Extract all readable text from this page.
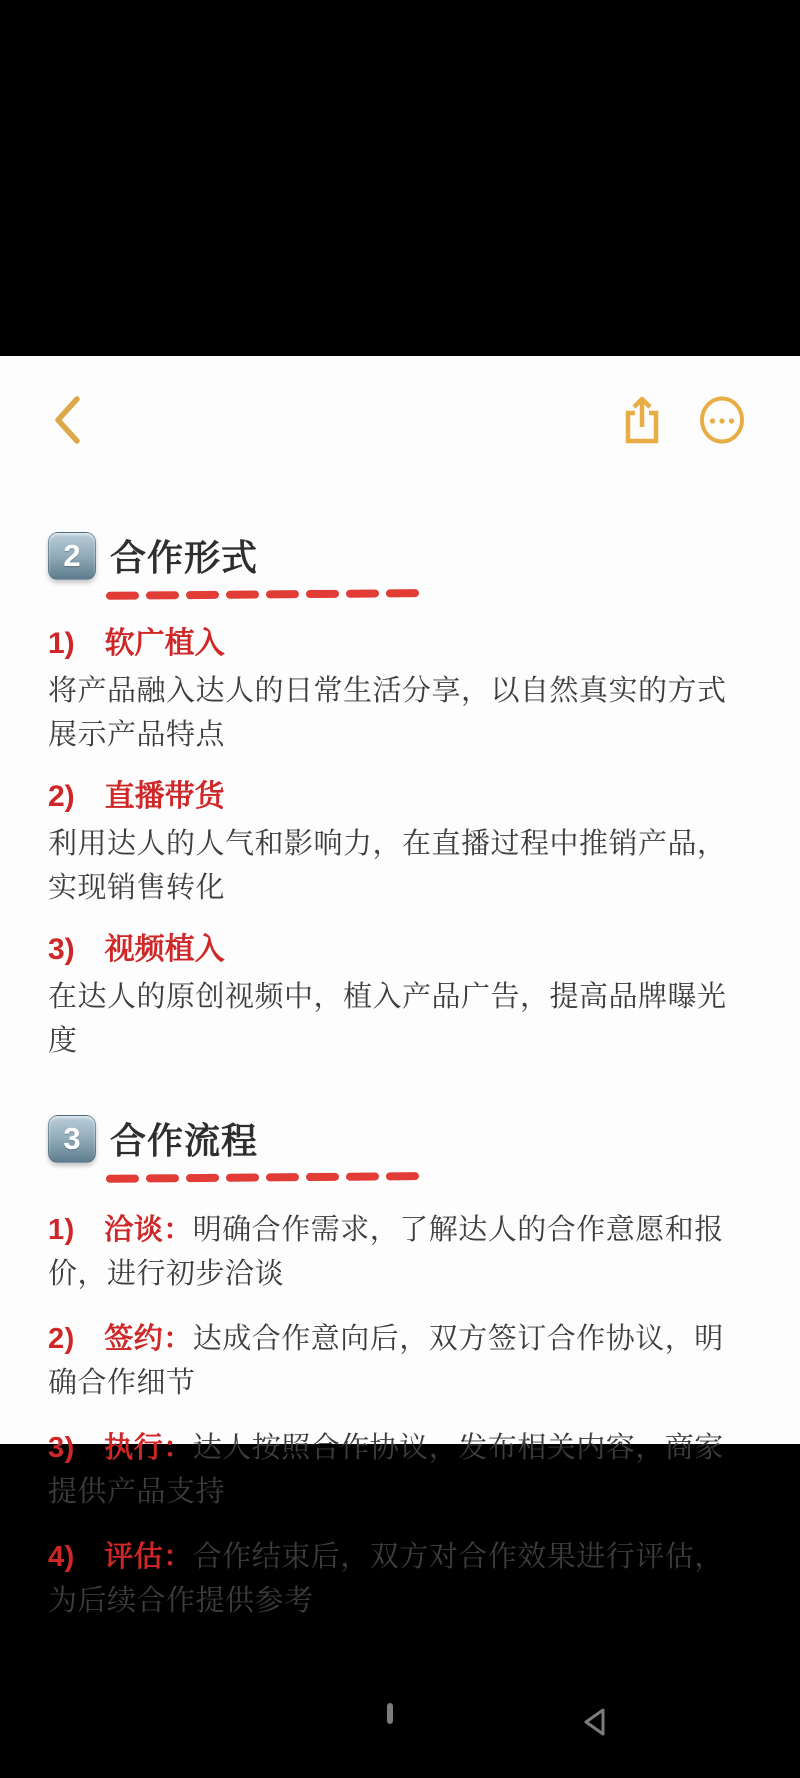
2 合作形式

1)　软广植入

将产品融入达人的日常生活分享，以自然真实的方式展示产品特点

2)　直播带货

利用达人的人气和影响力，在直播过程中推销产品，实现销售转化

3)　视频植入

在达人的原创视频中，植入产品广告，提高品牌曝光度

3 合作流程

1)　洽谈：明确合作需求，了解达人的合作意愿和报价，进行初步洽谈

2)　签约：达成合作意向后，双方签订合作协议，明确合作细节

3)　执行：达人按照合作协议，发布相关内容，商家提供产品支持

4)　评估：合作结束后，双方对合作效果进行评估，为后续合作提供参考
